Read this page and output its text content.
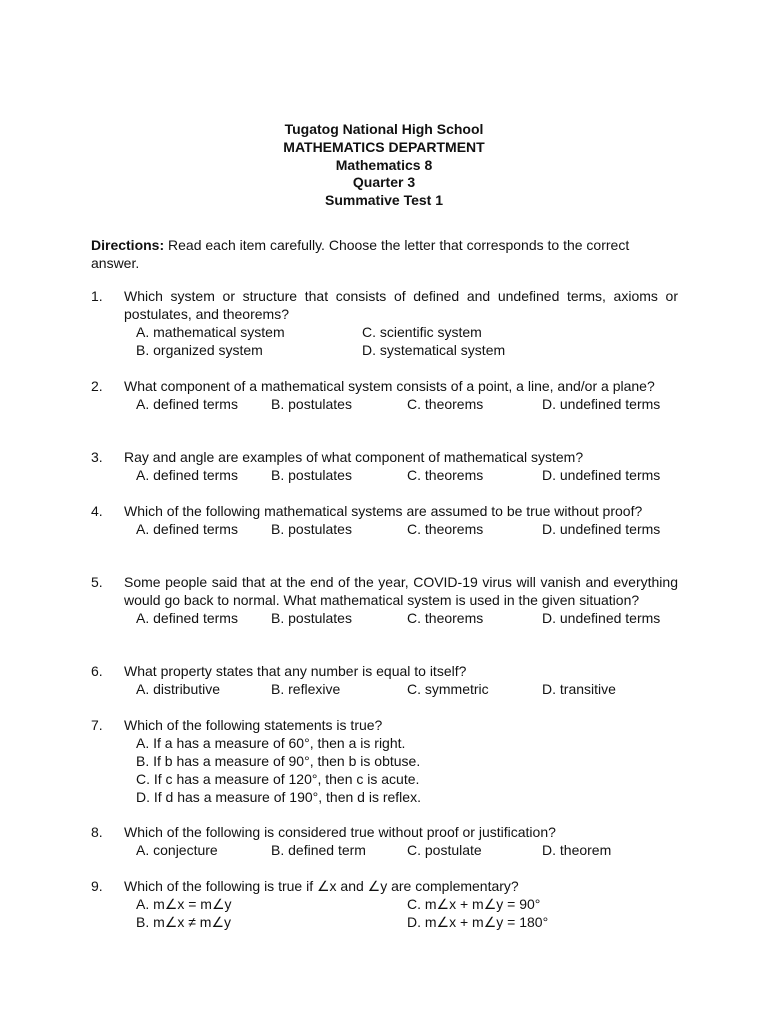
Tugatog National High School
MATHEMATICS DEPARTMENT
Mathematics 8
Quarter 3
Summative Test 1
Directions: Read each item carefully. Choose the letter that corresponds to the correct answer.
1. Which system or structure that consists of defined and undefined terms, axioms or postulates, and theorems?
A. mathematical system	C. scientific system
B. organized system	D. systematical system
2. What component of a mathematical system consists of a point, a line, and/or a plane?
A. defined terms B. postulates	C. theorems	D. undefined terms
3. Ray and angle are examples of what component of mathematical system?
A. defined terms B. postulates	C. theorems	D. undefined terms
4. Which of the following mathematical systems are assumed to be true without proof?
A. defined terms B. postulates	C. theorems	D. undefined terms
5. Some people said that at the end of the year, COVID-19 virus will vanish and everything would go back to normal. What mathematical system is used in the given situation?
A. defined terms B. postulates	C. theorems	D. undefined terms
6. What property states that any number is equal to itself?
A. distributive	B. reflexive	C. symmetric	D. transitive
7. Which of the following statements is true?
A. If a has a measure of 60°, then a is right.
B. If b has a measure of 90°, then b is obtuse.
C. If c has a measure of 120°, then c is acute.
D. If d has a measure of 190°, then d is reflex.
8. Which of the following is considered true without proof or justification?
A. conjecture	B. defined term	C. postulate	D. theorem
9. Which of the following is true if ∠x and ∠y are complementary?
A. m∠x = m∠y	C. m∠x + m∠y = 90°
B. m∠x ≠ m∠y	D. m∠x + m∠y = 180°
